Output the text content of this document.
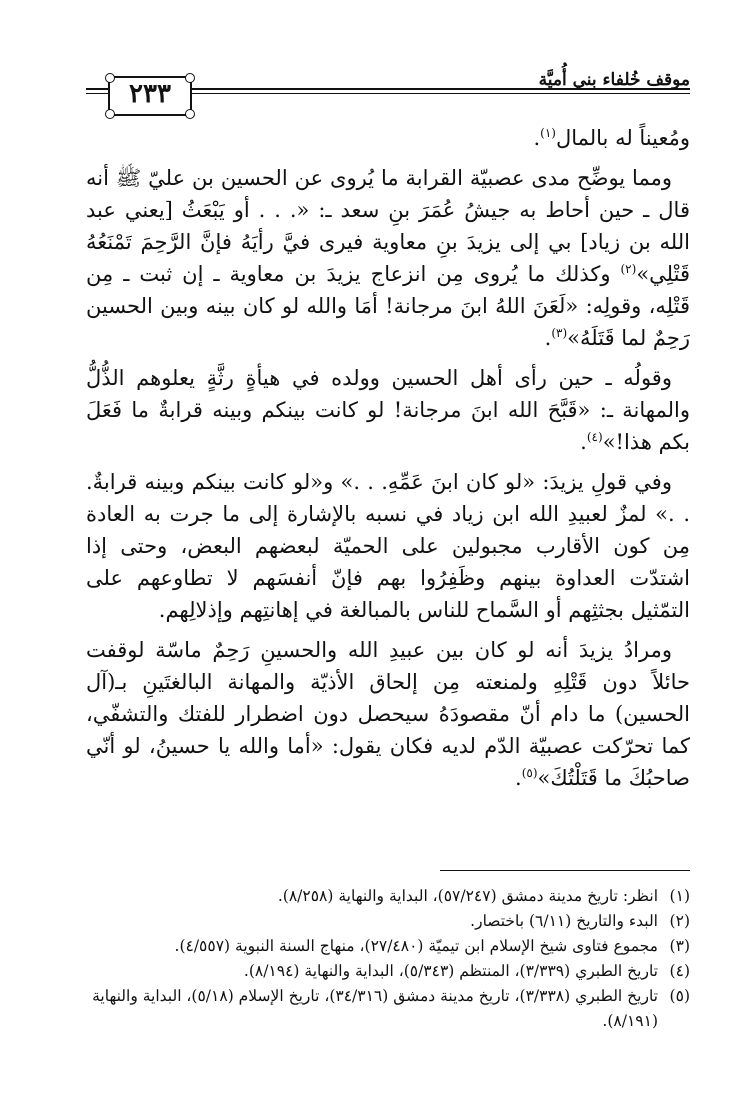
موقف خُلفاء بني أُميَّة
٢٣٣

ومُعيناً له بالمال$^{(١)}$.

ومما يوضِّح مدى عصبيّة القرابة ما يُروى عن الحسين بن عليّ ﷺ أنه قال ـ حين أحاط به جيشُ عُمَرَ بنِ سعد ـ: «. . . أو يَبْعَثُ [يعني عبد الله بن زياد] بي إلى يزيدَ بنِ معاوية فيرى فيَّ رأيَهُ فإنَّ الرَّحِمَ تَمْنَعُهُ قَتْلِي»$^{(٢)}$ وكذلك ما يُروى مِن انزعاج يزيدَ بن معاوية ـ إن ثبت ـ مِن قَتْلِه، وقولِه: «لَعَنَ اللهُ ابنَ مرجانة! أمَا والله لو كان بينه وبين الحسين رَحِمٌ لما قَتَلَهُ»$^{(٣)}$.

وقولُه ـ حين رأى أهل الحسين وولده في هيأةٍ رثَّةٍ يعلوهم الذُّلُّ والمهانة ـ: «قَبَّحَ الله ابنَ مرجانة! لو كانت بينكم وبينه قرابةٌ ما فَعَلَ بكم هذا!»$^{(٤)}$.

وفي قولِ يزيدَ: «لو كان ابنَ عَمِّهِ. . .» و«لو كانت بينكم وبينه قرابةٌ. . .» لمزٌ لعبيدِ الله ابن زياد في نسبه بالإشارة إلى ما جرت به العادة مِن كون الأقارب مجبولين على الحميّة لبعضهم البعض، وحتى إذا اشتدّت العداوة بينهم وظَفِرُوا بهم فإنّ أنفسَهم لا تطاوعهم على التمّثيل بجثثِهم أو السَّماح للناس بالمبالغة في إهانتِهم وإذلالِهم.

ومرادُ يزيدَ أنه لو كان بين عبيدِ الله والحسينِ رَحِمٌ ماسّة لوقفت حائلاً دون قَتْلِهِ ولمنعته مِن إلحاق الأذيّة والمهانة البالغتَينِ بـ(آل الحسين) ما دام أنّ مقصودَهُ سيحصل دون اضطرار للفتك والتشفّي، كما تحرّكت عصبيّة الدّم لديه فكان يقول: «أما والله يا حسينُ، لو أنّي صاحبُكَ ما قَتَلْتُكَ»$^{(٥)}$.

(١)
انظر: تاريخ مدينة دمشق (٥٧/٢٤٧)، البداية والنهاية (٨/٢٥٨).

(٢)
البدء والتاريخ (٦/١١) باختصار.

(٣)
مجموع فتاوى شيخ الإسلام ابن تيميّة (٢٧/٤٨٠)، منهاج السنة النبوية (٤/٥٥٧).

(٤)
تاريخ الطبري (٣/٣٣٩)، المنتظم (٥/٣٤٣)، البداية والنهاية (٨/١٩٤).

(٥)
تاريخ الطبري (٣/٣٣٨)، تاريخ مدينة دمشق (٣٤/٣١٦)، تاريخ الإسلام (٥/١٨)، البداية والنهاية (٨/١٩١).
